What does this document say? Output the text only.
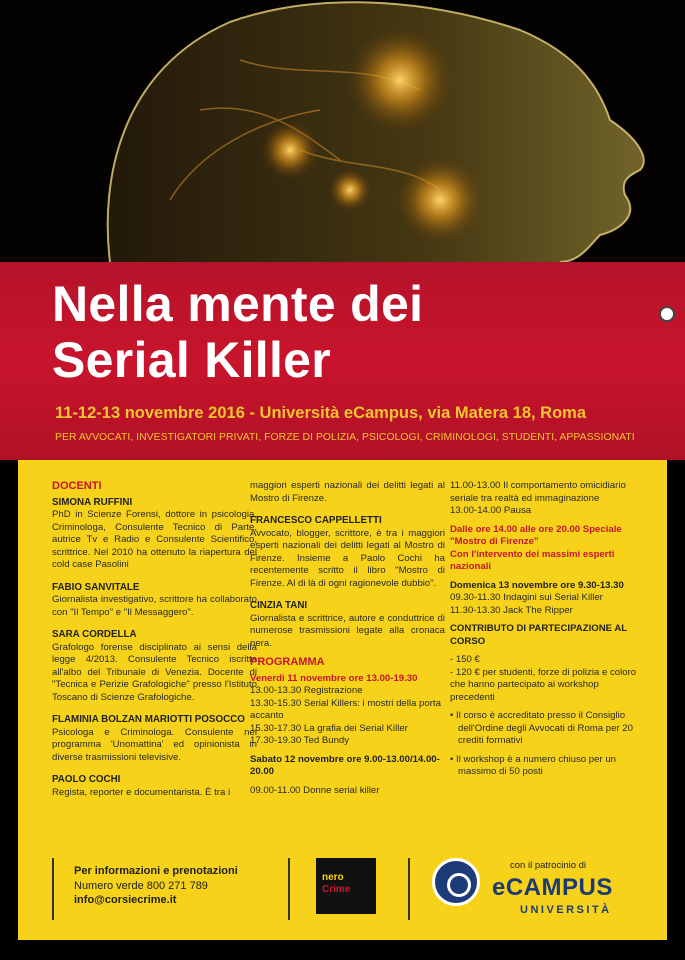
Nella mente dei
Serial Killer
11-12-13 novembre 2016 - Università eCampus, via Matera 18, Roma
PER AVVOCATI, INVESTIGATORI PRIVATI, FORZE DI POLIZIA, PSICOLOGI, CRIMINOLOGI, STUDENTI, APPASSIONATI
DOCENTI
SIMONA RUFFINI
PhD in Scienze Forensi, dottore in psicologia, Criminologa, Consulente Tecnico di Parte, autrice Tv e Radio e Consulente Scientifico, scrittrice. Nel 2010 ha ottenuto la riapertura del cold case Pasolini
FABIO SANVITALE
Giornalista investigativo, scrittore ha collaborato con "Il Tempo" e "Il Messaggero".
SARA CORDELLA
Grafologo forense disciplinato ai sensi della legge 4/2013. Consulente Tecnico iscritta all'albo del Tribunale di Venezia. Docente di "Tecnica e Perizie Grafologiche" presso l'Istituto Toscano di Scienze Grafologiche.
FLAMINIA BOLZAN MARIOTTI POSOCCO
Psicologa e Criminologa. Consulente nel programma 'Unomattina' ed opinionista in diverse trasmissioni televisive.
PAOLO COCHI
Regista, reporter e documentarista. È tra i
maggiori esperti nazionali dei delitti legati al Mostro di Firenze.
FRANCESCO CAPPELLETTI
Avvocato, blogger, scrittore, è tra i maggiori esperti nazionali dei delitti legati al Mostro di Firenze. Insieme a Paolo Cochi ha recentemente scritto il libro "Mostro di Firenze. Al di là di ogni ragionevole dubbio".
CINZIA TANI
Giornalista e scrittrice, autore e conduttrice di numerose trasmissioni legate alla cronaca nera.
PROGRAMMA
Venerdì 11 novembre ore 13.00-19.30
13.00-13.30 Registrazione
13.30-15.30 Serial Killers: i mostri della porta accanto
15.30-17.30 La grafia dei Serial Killer
17.30-19.30 Ted Bundy
Sabato 12 novembre ore 9.00-13.00/14.00-20.00
09.00-11.00 Donne serial killer
11.00-13.00 Il comportamento omicidiario seriale tra realtà ed immaginazione
13.00-14.00 Pausa
Dalle ore 14.00 alle ore 20.00 Speciale "Mostro di Firenze"
Con l'intervento dei massimi esperti nazionali
Domenica 13 novembre ore 9.30-13.30
09.30-11.30 Indagini sui Serial Killer
11.30-13.30 Jack The Ripper
CONTRIBUTO DI PARTECIPAZIONE AL CORSO
- 150 €
- 120 € per studenti, forze di polizia e coloro che hanno partecipato ai workshop precedenti
• Il corso è accreditato presso il Consiglio dell'Ordine degli Avvocati di Roma per 20 crediti formativi
• Il workshop è a numero chiuso per un massimo di 50 posti
Per informazioni e prenotazioni
Numero verde 800 271 789
info@corsiecrime.it
nero
Crime
con il patrocinio di
eCAMPUS
UNIVERSITÀ
